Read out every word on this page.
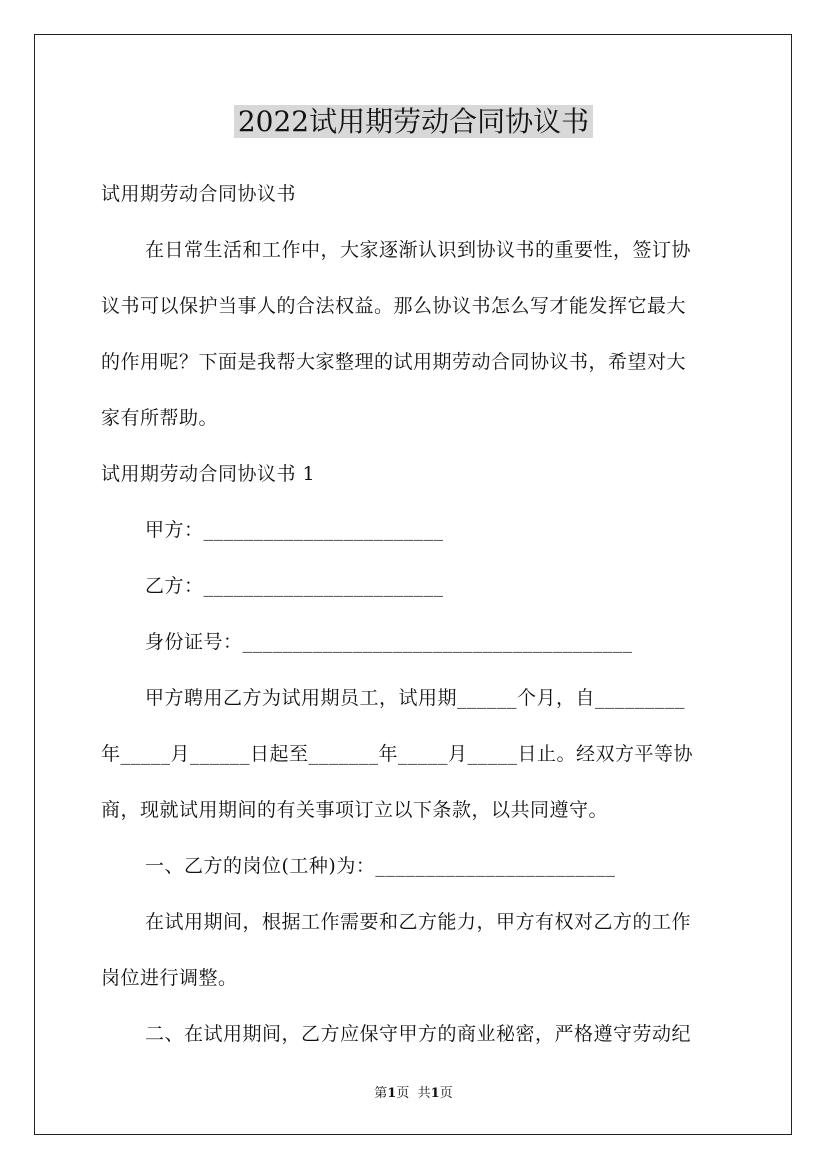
2022试用期劳动合同协议书

试用期劳动合同协议书

在日常生活和工作中，大家逐渐认识到协议书的重要性，签订协

议书可以保护当事人的合法权益。那么协议书怎么写才能发挥它最大

的作用呢？下面是我帮大家整理的试用期劳动合同协议书，希望对大

家有所帮助。

试用期劳动合同协议书 1

甲方：________________________

乙方：________________________

身份证号：_______________________________________

甲方聘用乙方为试用期员工，试用期______个月，自_________

年_____月______日起至_______年_____月_____日止。经双方平等协

商，现就试用期间的有关事项订立以下条款，以共同遵守。

一、乙方的岗位(工种)为：________________________

在试用期间，根据工作需要和乙方能力，甲方有权对乙方的工作

岗位进行调整。

二、在试用期间，乙方应保守甲方的商业秘密，严格遵守劳动纪

第1页 共1页
